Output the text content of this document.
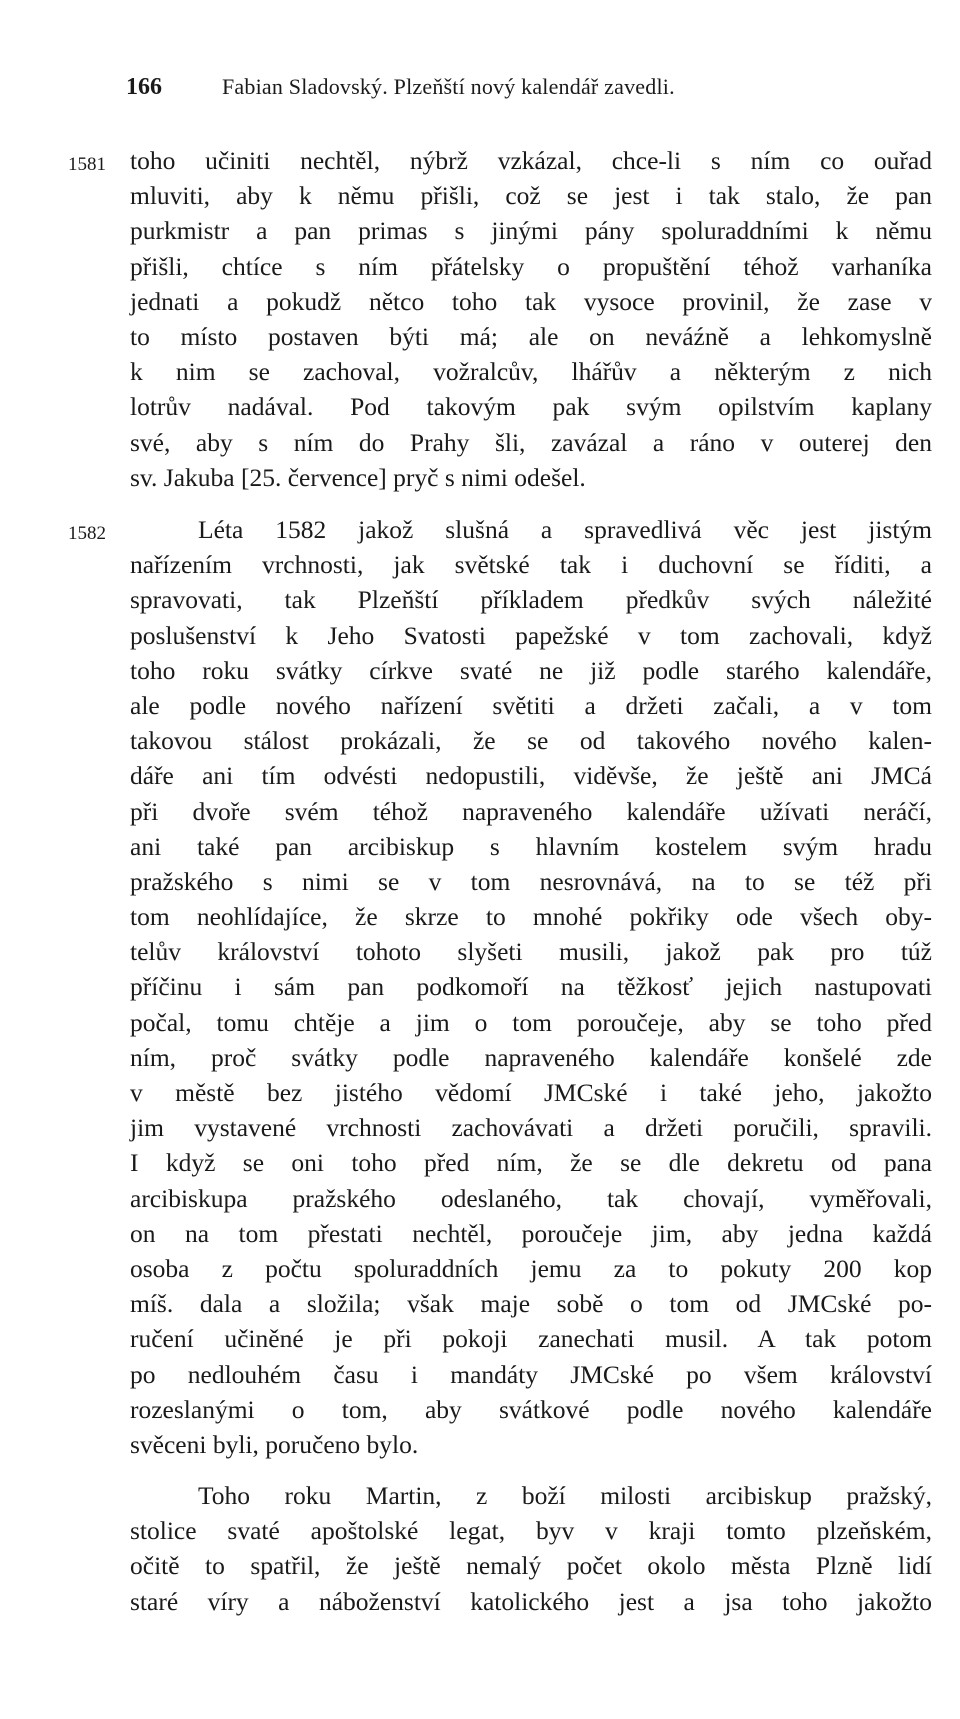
166	Fabian Sladovský. Plzeňští nový kalendář zavedli.
1581 toho učiniti nechtěl, nýbrž vzkázal, chce-li s ním co ouřad
mluviti, aby k němu přišli, což se jest i tak stalo, že pan
purkmistr a pan primas s jinými pány spoluraddními k němu
přišli, chtíce s ním přátelsky o propuštění téhož varhaníka
jednati a pokudž nětco toho tak vysoce provinil, že zase v
to místo postaven býti má; ale on neváźně a lehkomyslně
k nim se zachoval, vožralcův, lhářův a některým z nich
lotrův nadával. Pod takovým pak svým opilstvím kaplany
své, aby s ním do Prahy šli, zavázal a ráno v outerej den
sv. Jakuba [25. července] pryč s nimi odešel.
1582	Léta 1582 jakož slušná a spravedlivá věc jest jistým
nařízením vrchnosti, jak světské tak i duchovní se říditi, a
spravovati, tak Plzeňští příkladem předkův svých náležité
poslušenství k Jeho Svatosti papežské v tom zachovali, když
toho roku svátky církve svaté ne již podle starého kalendáře,
ale podle nového nařízení světiti a držeti začali, a v tom
takovou stálost prokázali, že se od takového nového kalen-
dáře ani tím odvésti nedopustili, viděvše, že ještě ani JMCá
při dvoře svém téhož napraveného kalendáře užívati neráčí,
ani také pan arcibiskup s hlavním kostelem svým hradu
pražského s nimi se v tom nesrovnává, na to se též při
tom neohlídajíce, že skrze to mnohé pokřiky ode všech oby-
telův království tohoto slyšeti musili, jakož pak pro túž
příčinu i sám pan podkomoří na těžkosť jejich nastupovati
počal, tomu chtěje a jim o tom poroučeje, aby se toho před
ním, proč svátky podle napraveného kalendáře konšelé zde
v městě bez jistého vědomí JMCské i také jeho, jakožto
jim vystavené vrchnosti zachovávati a držeti poručili, spravili.
I když se oni toho před ním, že se dle dekretu od pana
arcibiskupa pražského odeslaného, tak chovají, vyměřovali,
on na tom přestati nechtěl, poroučeje jim, aby jedna každá
osoba z počtu spoluraddních jemu za to pokuty 200 kop
míš. dala a složila; však maje sobě o tom od JMCské po-
ručení učiněné je při pokoji zanechati musil. A tak potom
po nedlouhém času i mandáty JMCské po všem království
rozeslanými o tom, aby svátkové podle nového kalendáře
svěceni byli, poručeno bylo.
Toho roku Martin, z boží milosti arcibiskup pražský,
stolice svaté apoštolské legat, byv v kraji tomto plzeňském,
očitě to spatřil, že ještě nemalý počet okolo města Plzně lidí
staré víry a náboženství katolického jest a jsa toho jakožto
